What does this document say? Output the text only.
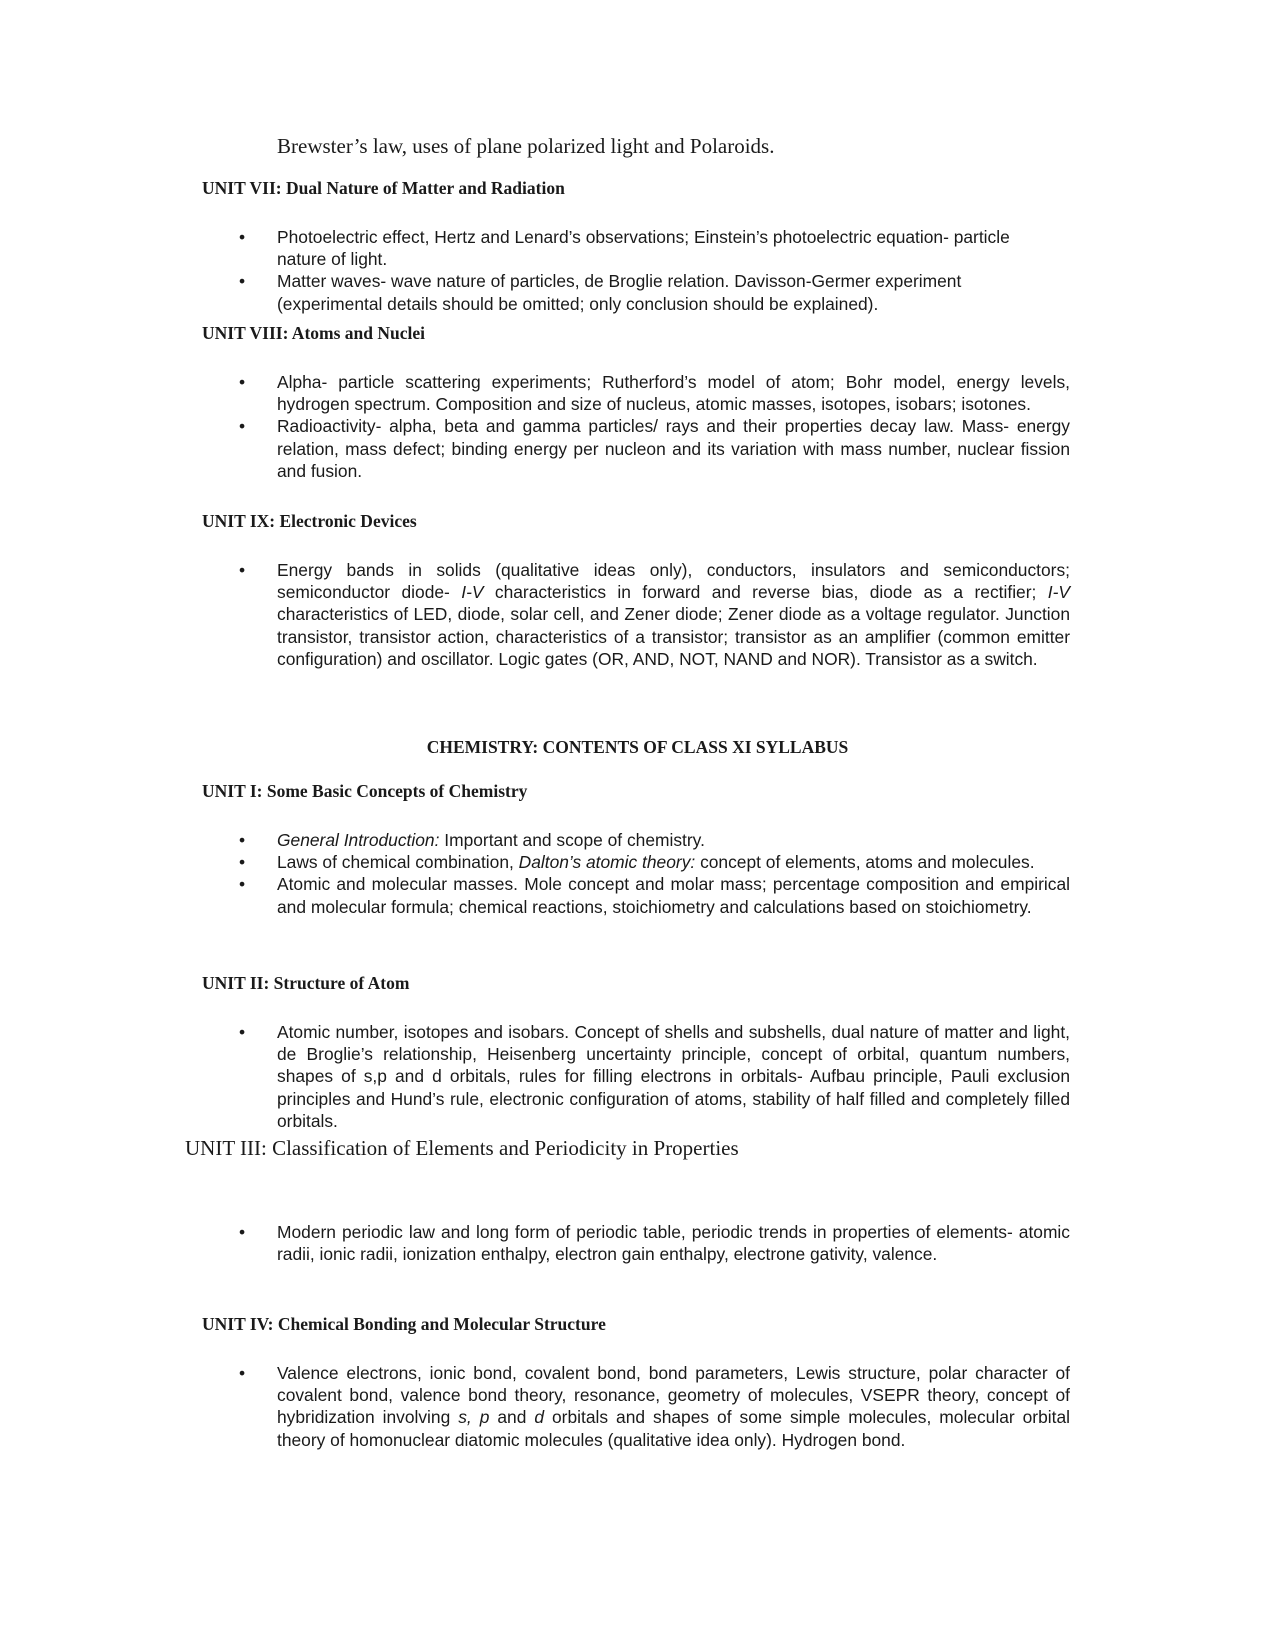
Brewster’s law, uses of plane polarized light and Polaroids.

UNIT VII: Dual Nature of Matter and Radiation
• Photoelectric effect, Hertz and Lenard’s observations; Einstein’s photoelectric equation- particle nature of light.
• Matter waves- wave nature of particles, de Broglie relation. Davisson-Germer experiment (experimental details should be omitted; only conclusion should be explained).
UNIT VIII: Atoms and Nuclei
• Alpha- particle scattering experiments; Rutherford’s model of atom; Bohr model, energy levels, hydrogen spectrum. Composition and size of nucleus, atomic masses, isotopes, isobars; isotones.
• Radioactivity- alpha, beta and gamma particles/ rays and their properties decay law. Mass- energy relation, mass defect; binding energy per nucleon and its variation with mass number, nuclear fission and fusion.
UNIT IX: Electronic Devices
• Energy bands in solids (qualitative ideas only), conductors, insulators and semiconductors; semiconductor diode- I-V characteristics in forward and reverse bias, diode as a rectifier; I-V characteristics of LED, diode, solar cell, and Zener diode; Zener diode as a voltage regulator. Junction transistor, transistor action, characteristics of a transistor; transistor as an amplifier (common emitter configuration) and oscillator. Logic gates (OR, AND, NOT, NAND and NOR). Transistor as a switch.
CHEMISTRY: CONTENTS OF CLASS XI SYLLABUS
UNIT I: Some Basic Concepts of Chemistry
• General Introduction: Important and scope of chemistry.
• Laws of chemical combination, Dalton’s atomic theory: concept of elements, atoms and molecules.
• Atomic and molecular masses. Mole concept and molar mass; percentage composition and empirical and molecular formula; chemical reactions, stoichiometry and calculations based on stoichiometry.
UNIT II: Structure of Atom
• Atomic number, isotopes and isobars. Concept of shells and subshells, dual nature of matter and light, de Broglie’s relationship, Heisenberg uncertainty principle, concept of orbital, quantum numbers, shapes of s,p and d orbitals, rules for filling electrons in orbitals- Aufbau principle, Pauli exclusion principles and Hund’s rule, electronic configuration of atoms, stability of half filled and completely filled orbitals.
UNIT III: Classification of Elements and Periodicity in Properties
• Modern periodic law and long form of periodic table, periodic trends in properties of elements- atomic radii, ionic radii, ionization enthalpy, electron gain enthalpy, electrone gativity, valence.
UNIT IV: Chemical Bonding and Molecular Structure
• Valence electrons, ionic bond, covalent bond, bond parameters, Lewis structure, polar character of covalent bond, valence bond theory, resonance, geometry of molecules, VSEPR theory, concept of hybridization involving s, p and d orbitals and shapes of some simple molecules, molecular orbital theory of homonuclear diatomic molecules (qualitative idea only). Hydrogen bond.
